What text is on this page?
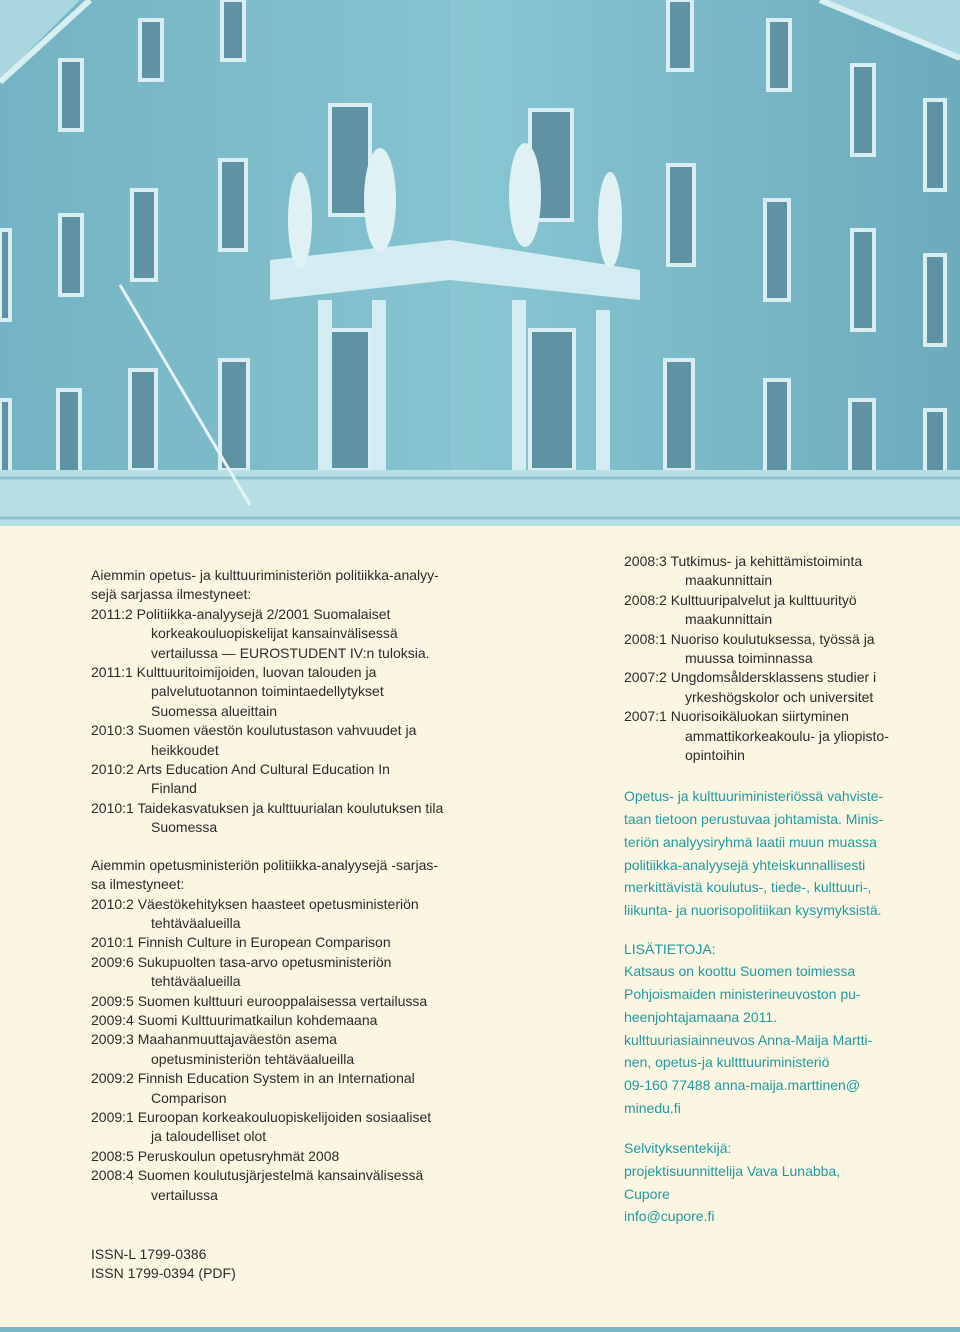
Aiemmin opetus- ja kulttuuriministeriön politiikka-analyy-
sejä sarjassa ilmestyneet:
2011:2 Politiikka-analyysejä 2/2001 Suomalaiset
korkeakouluopiskelijat kansainvälisessä
vertailussa — EUROSTUDENT IV:n tuloksia.
2011:1 Kulttuuritoimijoiden, luovan talouden ja
palvelutuotannon toimintaedellytykset
Suomessa alueittain
2010:3 Suomen väestön koulutustason vahvuudet ja
heikkoudet
2010:2 Arts Education And Cultural Education In
Finland
2010:1 Taidekasvatuksen ja kulttuurialan koulutuksen tila
Suomessa
Aiemmin opetusministeriön politiikka-analyysejä -sarjas-
sa ilmestyneet:
2010:2 Väestökehityksen haasteet opetusministeriön
tehtäväalueilla
2010:1 Finnish Culture in European Comparison
2009:6 Sukupuolten tasa-arvo opetusministeriön
tehtäväalueilla
2009:5 Suomen kulttuuri eurooppalaisessa vertailussa
2009:4 Suomi Kulttuurimatkailun kohdemaana
2009:3 Maahanmuuttajaväestön asema
opetusministeriön tehtäväalueilla
2009:2 Finnish Education System in an International
Comparison
2009:1 Euroopan korkeakouluopiskelijoiden sosiaaliset
ja taloudelliset olot
2008:5 Peruskoulun opetusryhmät 2008
2008:4 Suomen koulutusjärjestelmä kansainvälisessä
vertailussa
ISSN-L 1799-0386
ISSN 1799-0394 (PDF)
2008:3 Tutkimus- ja kehittämistoiminta
maakunnittain
2008:2 Kulttuuripalvelut ja kulttuurityö
maakunnittain
2008:1 Nuoriso koulutuksessa, työssä ja
muussa toiminnassa
2007:2 Ungdomsåldersklassens studier i
yrkeshögskolor och universitet
2007:1 Nuorisoikäluokan siirtyminen
ammattikorkeakoulu- ja yliopisto-
opintoihin
Opetus- ja kulttuuriministeriössä vahviste-
taan tietoon perustuvaa johtamista. Minis-
teriön analyysiryhmä laatii muun muassa
politiikka-analyysejä yhteiskunnallisesti
merkittävistä koulutus-, tiede-, kulttuuri-,
liikunta- ja nuorisopolitiikan kysymyksistä.
LISÄTIETOJA:
Katsaus on koottu Suomen toimiessa
Pohjoismaiden ministerineuvoston pu-
heenjohtajamaana 2011.
kulttuuriasiainneuvos Anna-Maija Martti-
nen, opetus-ja kultttuuriministeriö
09-160 77488 anna-maija.marttinen@
minedu.fi
Selvityksentekijä:
projektisuunnittelija Vava Lunabba,
Cupore
info@cupore.fi
